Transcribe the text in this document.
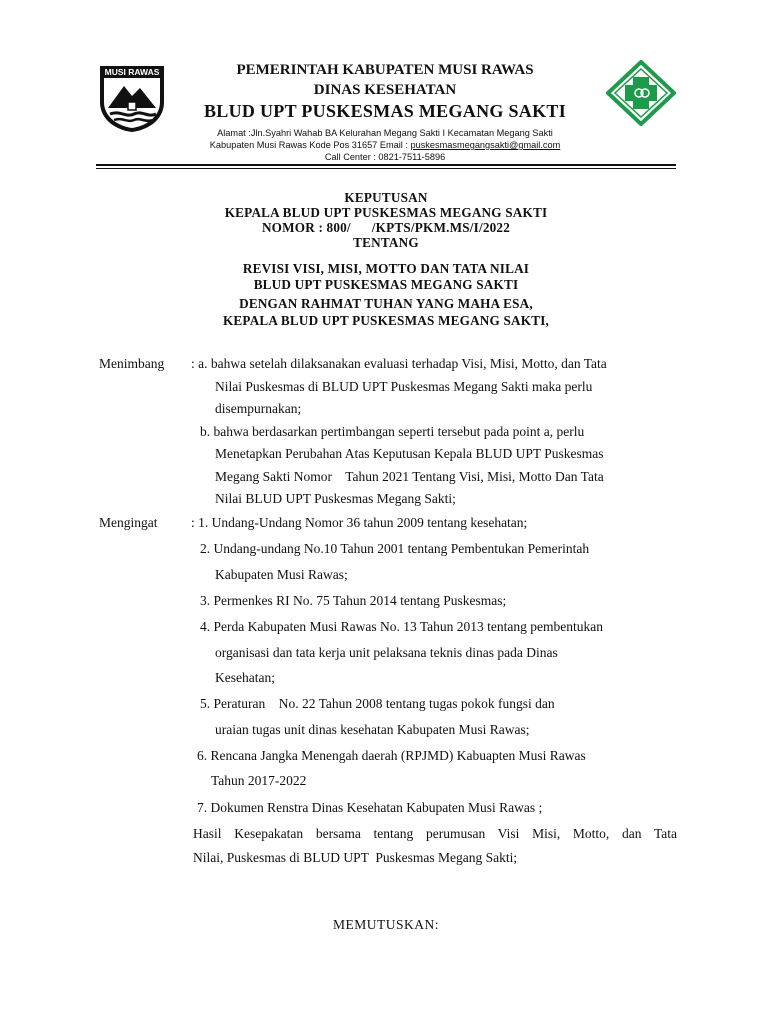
MUSI RAWAS	PEMERINTAH KABUPATEN MUSI RAWAS
DINAS KESEHATAN
BLUD UPT PUSKESMAS MEGANG SAKTI
Alamat :Jln.Syahri Wahab BA Kelurahan Megang Sakti I Kecamatan Megang Sakti
Kabupaten Musi Rawas Kode Pos 31657 Email : puskesmasmegangsakti@gmail.com
Call Center : 0821-7511-5896
KEPUTUSAN
KEPALA BLUD UPT PUSKESMAS MEGANG SAKTI
NOMOR : 800/      /KPTS/PKM.MS/I/2022
TENTANG
REVISI VISI, MISI, MOTTO DAN TATA NILAI
BLUD UPT PUSKESMAS MEGANG SAKTI
DENGAN RAHMAT TUHAN YANG MAHA ESA,
KEPALA BLUD UPT PUSKESMAS MEGANG SAKTI,
Menimbang : a. bahwa setelah dilaksanakan evaluasi terhadap Visi, Misi, Motto, dan Tata
Nilai Puskesmas di BLUD UPT Puskesmas Megang Sakti maka perlu
disempurnakan;
b. bahwa berdasarkan pertimbangan seperti tersebut pada point a, perlu
Menetapkan Perubahan Atas Keputusan Kepala BLUD UPT Puskesmas
Megang Sakti Nomor    Tahun 2021 Tentang Visi, Misi, Motto Dan Tata
Nilai BLUD UPT Puskesmas Megang Sakti;
Mengingat : 1. Undang-Undang Nomor 36 tahun 2009 tentang kesehatan;
2. Undang-undang No.10 Tahun 2001 tentang Pembentukan Pemerintah
Kabupaten Musi Rawas;
3. Permenkes RI No. 75 Tahun 2014 tentang Puskesmas;
4. Perda Kabupaten Musi Rawas No. 13 Tahun 2013 tentang pembentukan
organisasi dan tata kerja unit pelaksana teknis dinas pada Dinas
Kesehatan;
5. Peraturan    No. 22 Tahun 2008 tentang tugas pokok fungsi dan
uraian tugas unit dinas kesehatan Kabupaten Musi Rawas;
6. Rencana Jangka Menengah daerah (RPJMD) Kabuapten Musi Rawas
Tahun 2017-2022
7. Dokumen Renstra Dinas Kesehatan Kabupaten Musi Rawas ;
Hasil Kesepakatan bersama tentang perumusan Visi Misi, Motto, dan Tata
Nilai, Puskesmas di BLUD UPT  Puskesmas Megang Sakti;
MEMUTUSKAN:
